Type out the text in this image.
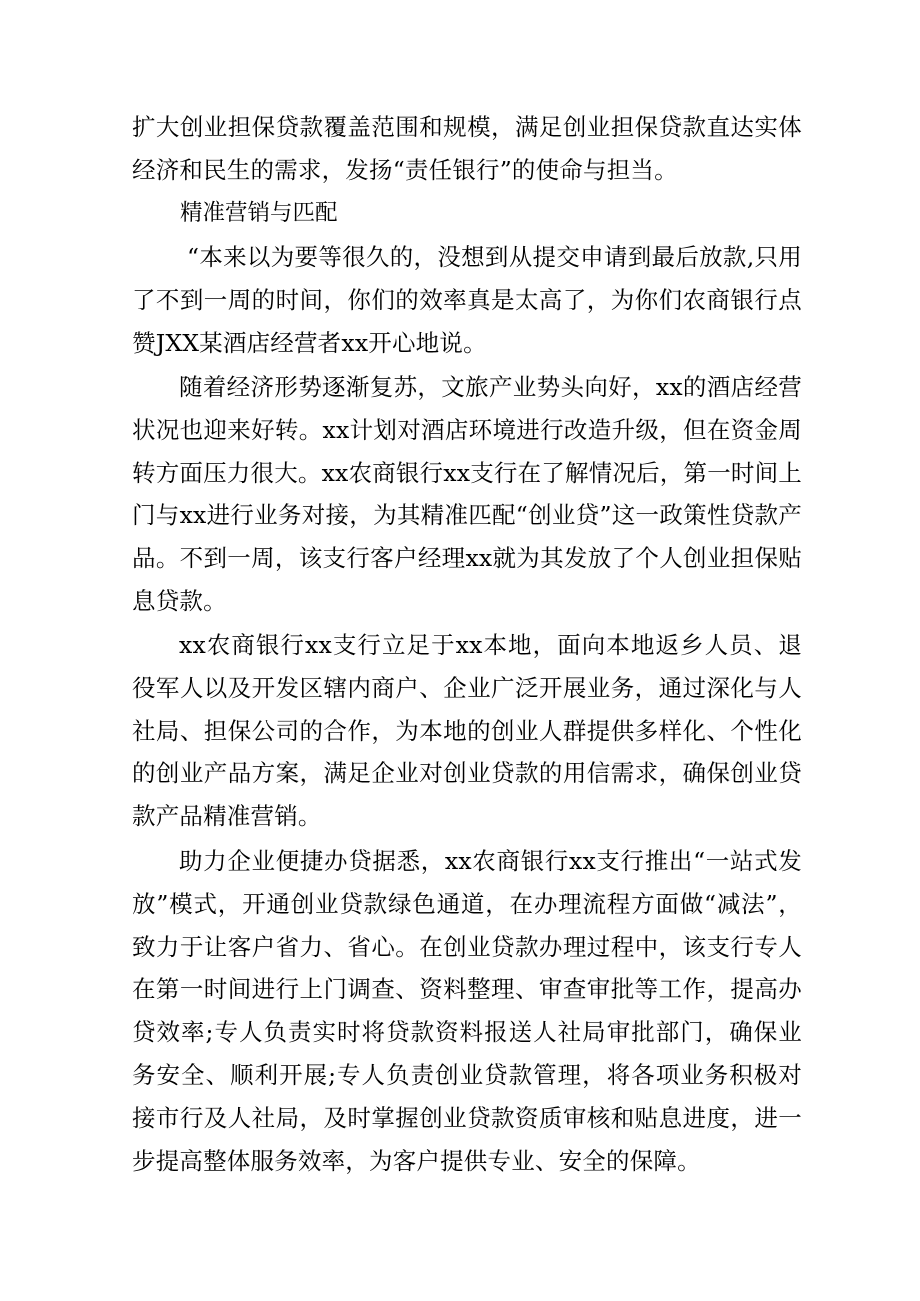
扩大创业担保贷款覆盖范围和规模，满足创业担保贷款直达实体经济和民生的需求，发扬“责任银行”的使命与担当。

精准营销与匹配

“本来以为要等很久的，没想到从提交申请到最后放款,只用了不到一周的时间，你们的效率真是太高了，为你们农商银行点赞JXX某酒店经营者xx开心地说。

随着经济形势逐渐复苏，文旅产业势头向好，xx的酒店经营状况也迎来好转。xx计划对酒店环境进行改造升级，但在资金周转方面压力很大。xx农商银行xx支行在了解情况后，第一时间上门与xx进行业务对接，为其精准匹配“创业贷”这一政策性贷款产品。不到一周，该支行客户经理xx就为其发放了个人创业担保贴息贷款。

xx农商银行xx支行立足于xx本地，面向本地返乡人员、退役军人以及开发区辖内商户、企业广泛开展业务，通过深化与人社局、担保公司的合作，为本地的创业人群提供多样化、个性化的创业产品方案，满足企业对创业贷款的用信需求，确保创业贷款产品精准营销。

助力企业便捷办贷据悉，xx农商银行xx支行推出“一站式发放”模式，开通创业贷款绿色通道，在办理流程方面做“减法”，致力于让客户省力、省心。在创业贷款办理过程中，该支行专人在第一时间进行上门调查、资料整理、审查审批等工作，提高办贷效率;专人负责实时将贷款资料报送人社局审批部门，确保业务安全、顺利开展;专人负责创业贷款管理，将各项业务积极对接市行及人社局，及时掌握创业贷款资质审核和贴息进度，进一步提高整体服务效率，为客户提供专业、安全的保障。
